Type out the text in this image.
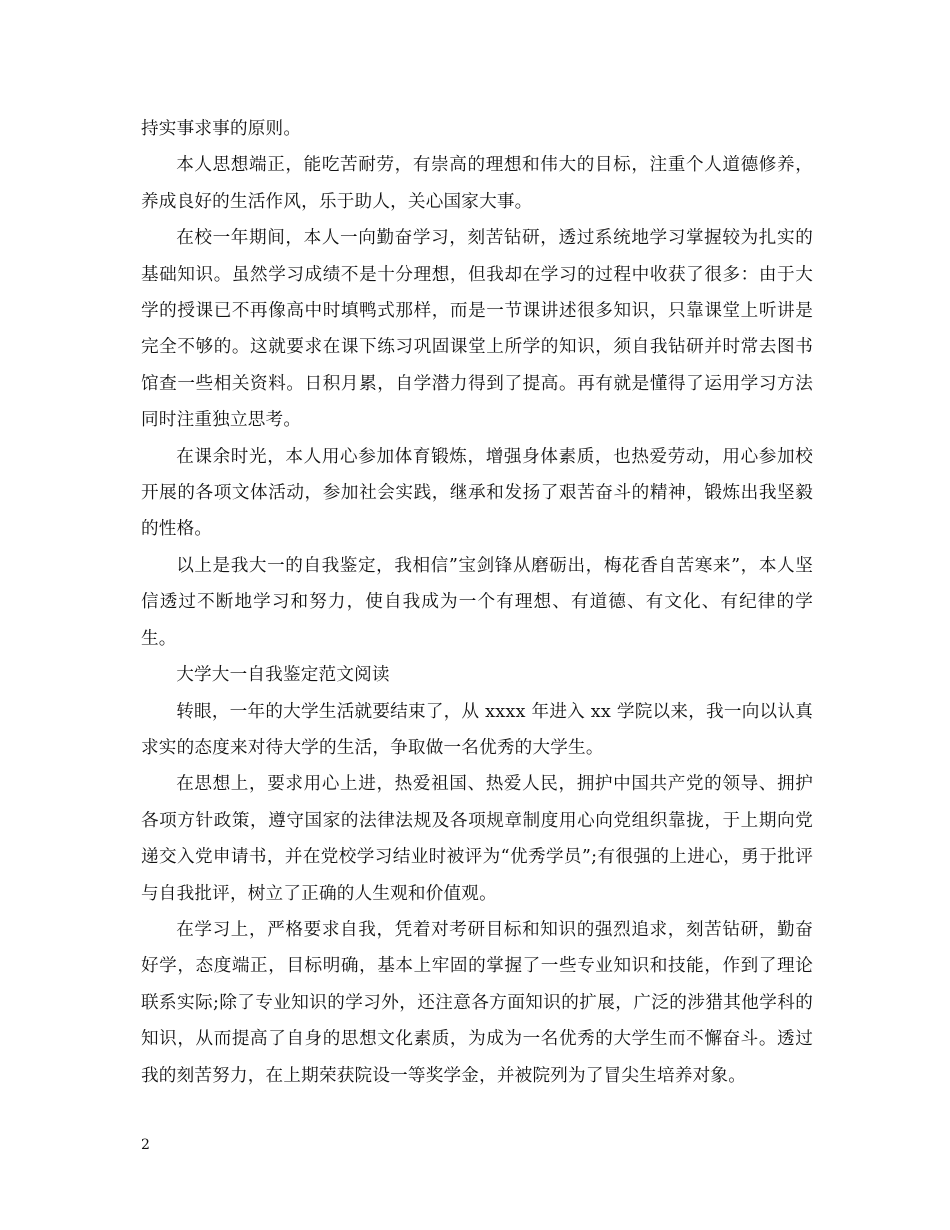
持实事求事的原则。

本人思想端正，能吃苦耐劳，有崇高的理想和伟大的目标，注重个人道德修养，养成良好的生活作风，乐于助人，关心国家大事。

在校一年期间，本人一向勤奋学习，刻苦钻研，透过系统地学习掌握较为扎实的基础知识。虽然学习成绩不是十分理想，但我却在学习的过程中收获了很多：由于大学的授课已不再像高中时填鸭式那样，而是一节课讲述很多知识，只靠课堂上听讲是完全不够的。这就要求在课下练习巩固课堂上所学的知识，须自我钻研并时常去图书馆查一些相关资料。日积月累，自学潜力得到了提高。再有就是懂得了运用学习方法同时注重独立思考。

在课余时光，本人用心参加体育锻炼，增强身体素质，也热爱劳动，用心参加校开展的各项文体活动，参加社会实践，继承和发扬了艰苦奋斗的精神，锻炼出我坚毅的性格。

以上是我大一的自我鉴定，我相信”宝剑锋从磨砺出，梅花香自苦寒来”，本人坚信透过不断地学习和努力，使自我成为一个有理想、有道德、有文化、有纪律的学生。

大学大一自我鉴定范文阅读

转眼，一年的大学生活就要结束了，从 xxxx 年进入 xx 学院以来，我一向以认真求实的态度来对待大学的生活，争取做一名优秀的大学生。

在思想上，要求用心上进，热爱祖国、热爱人民，拥护中国共产党的领导、拥护各项方针政策，遵守国家的法律法规及各项规章制度用心向党组织靠拢，于上期向党递交入党申请书，并在党校学习结业时被评为“优秀学员”;有很强的上进心，勇于批评与自我批评，树立了正确的人生观和价值观。

在学习上，严格要求自我，凭着对考研目标和知识的强烈追求，刻苦钻研，勤奋好学，态度端正，目标明确，基本上牢固的掌握了一些专业知识和技能，作到了理论联系实际;除了专业知识的学习外，还注意各方面知识的扩展，广泛的涉猎其他学科的知识，从而提高了自身的思想文化素质，为成为一名优秀的大学生而不懈奋斗。透过我的刻苦努力，在上期荣获院设一等奖学金，并被院列为了冒尖生培养对象。

2
